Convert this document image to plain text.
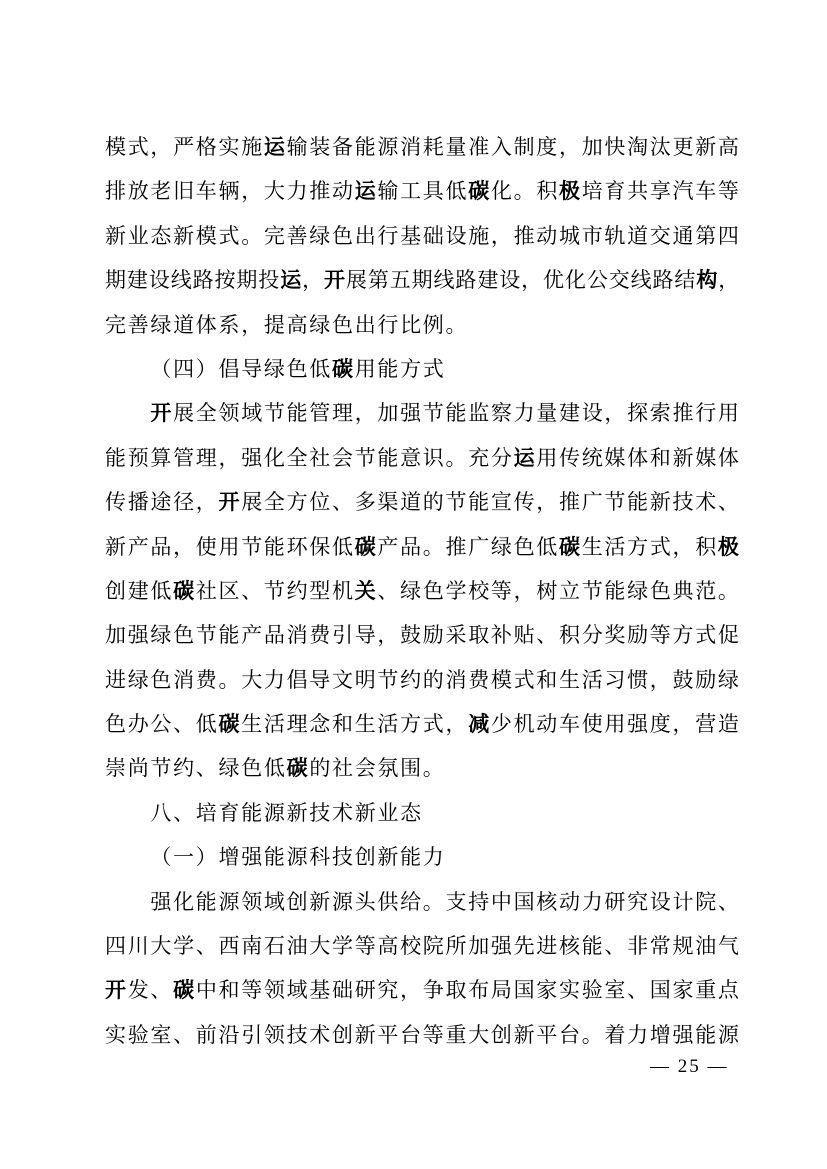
模式，严格实施运输装备能源消耗量准入制度，加快淘汰更新高
排放老旧车辆，大力推动运输工具低碳化。积极培育共享汽车等
新业态新模式。完善绿色出行基础设施，推动城市轨道交通第四
期建设线路按期投运，开展第五期线路建设，优化公交线路结构，
完善绿道体系，提高绿色出行比例。
（四）倡导绿色低碳用能方式
开展全领域节能管理，加强节能监察力量建设，探索推行用
能预算管理，强化全社会节能意识。充分运用传统媒体和新媒体
传播途径，开展全方位、多渠道的节能宣传，推广节能新技术、
新产品，使用节能环保低碳产品。推广绿色低碳生活方式，积极
创建低碳社区、节约型机关、绿色学校等，树立节能绿色典范。
加强绿色节能产品消费引导，鼓励采取补贴、积分奖励等方式促
进绿色消费。大力倡导文明节约的消费模式和生活习惯，鼓励绿
色办公、低碳生活理念和生活方式，减少机动车使用强度，营造
崇尚节约、绿色低碳的社会氛围。
八、培育能源新技术新业态
（一）增强能源科技创新能力
强化能源领域创新源头供给。支持中国核动力研究设计院、
四川大学、西南石油大学等高校院所加强先进核能、非常规油气
开发、碳中和等领域基础研究，争取布局国家实验室、国家重点
实验室、前沿引领技术创新平台等重大创新平台。着力增强能源
— 25 —
